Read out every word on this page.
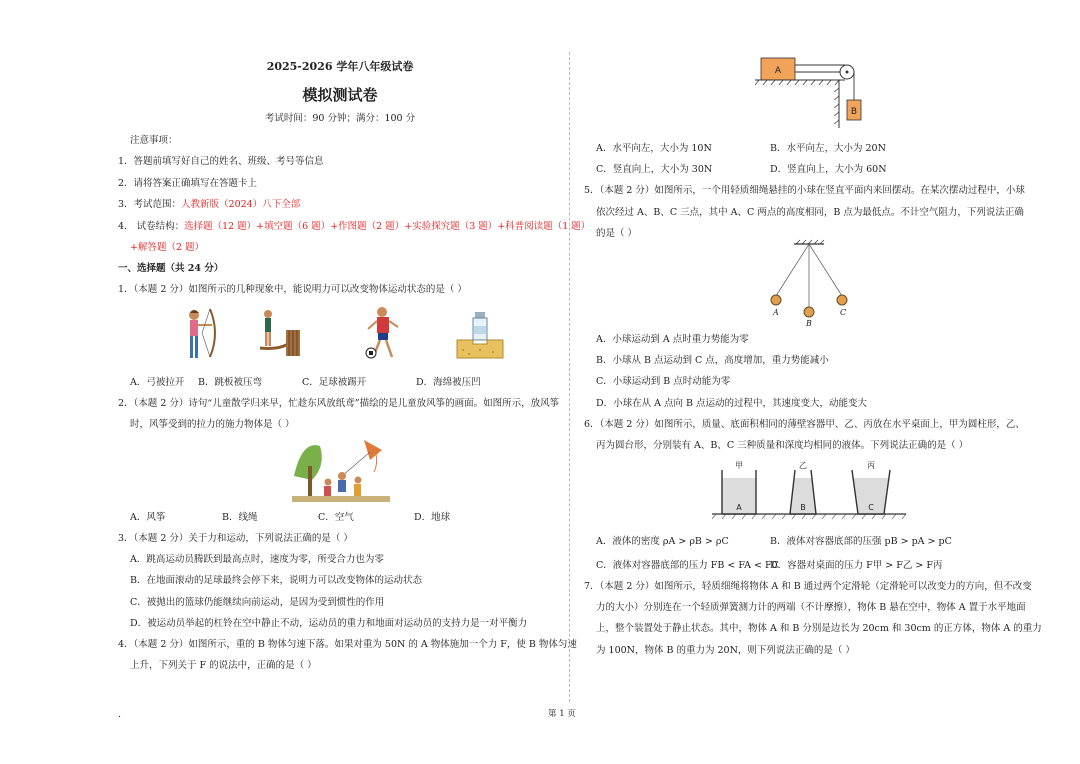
2025-2026 学年八年级试卷
模拟测试卷
考试时间：90 分钟；满分：100 分
注意事项：
1．答题前填写好自己的姓名、班级、考号等信息
2．请将答案正确填写在答题卡上
3．考试范围：人教新版（2024）八下全部
4． 试卷结构：选择题（12 题）+填空题（6 题）+作图题（2 题）+实验探究题（3 题）+科普阅读题（1 题）
+解答题（2 题）
一、选择题（共 24 分）
1．（本题 2 分）如图所示的几种现象中，能说明力可以改变物体运动状态的是（ ）
A．弓被拉开 B．跳板被压弯	C．足球被踢开	D．海绵被压凹
2．（本题 2 分）诗句“儿童散学归来早，忙趁东风放纸鸢”描绘的是儿童放风筝的画面。如图所示，放风筝
时，风筝受到的拉力的施力物体是（ ）
A．风筝	B．线绳	C．空气	D．地球
3．（本题 2 分）关于力和运动，下列说法正确的是（ ）
A．跳高运动员腾跃到最高点时，速度为零，所受合力也为零
B．在地面滚动的足球最终会停下来，说明力可以改变物体的运动状态
C．被抛出的篮球仍能继续向前运动，是因为受到惯性的作用
D．被运动员举起的杠铃在空中静止不动，运动员的重力和地面对运动员的支持力是一对平衡力
4．（本题 2 分）如图所示，重的 B 物体匀速下落。如果对重为 50N 的 A 物体施加一个力 F，使 B 物体匀速
上升，下列关于 F 的说法中，正确的是（ ）
.
A
B
A．水平向左，大小为 10N	B．水平向左，大小为 20N
C．竖直向上，大小为 30N	D．竖直向上，大小为 60N
5．（本题 2 分）如图所示，一个用轻质细绳悬挂的小球在竖直平面内来回摆动。在某次摆动过程中，小球
依次经过 A、B、C 三点，其中 A、C 两点的高度相同，B 点为最低点。不计空气阻力，下列说法正确
的是（ ）
A
B
C
A．小球运动到 A 点时重力势能为零
B．小球从 B 点运动到 C 点，高度增加，重力势能减小
C．小球运动到 B 点时动能为零
D．小球在从 A 点向 B 点运动的过程中，其速度变大，动能变大
6．（本题 2 分）如图所示，质量、底面积相同的薄壁容器甲、乙、丙放在水平桌面上，甲为圆柱形，乙、
丙为圆台形，分别装有 A、B、C 三种质量和深度均相同的液体。下列说法正确的是（ ）
甲	乙	丙
A	B	C
A．液体的密度 ρA > ρB > ρC	B．液体对容器底部的压强 pB > pA > pC
C．液体对容器底部的压力 FB < FA < FC
D．容器对桌面的压力 F甲 > F乙 > F丙
7．（本题 2 分）如图所示，轻质细绳将物体 A 和 B 通过两个定滑轮（定滑轮可以改变力的方向，但不改变
力的大小）分别连在一个轻质弹簧测力计的两端（不计摩擦），物体 B 悬在空中，物体 A 置于水平地面
上，整个装置处于静止状态。其中，物体 A 和 B 分别是边长为 20cm 和 30cm 的正方体，物体 A 的重力
为 100N，物体 B 的重力为 20N，则下列说法正确的是（ ）
第 1 页
